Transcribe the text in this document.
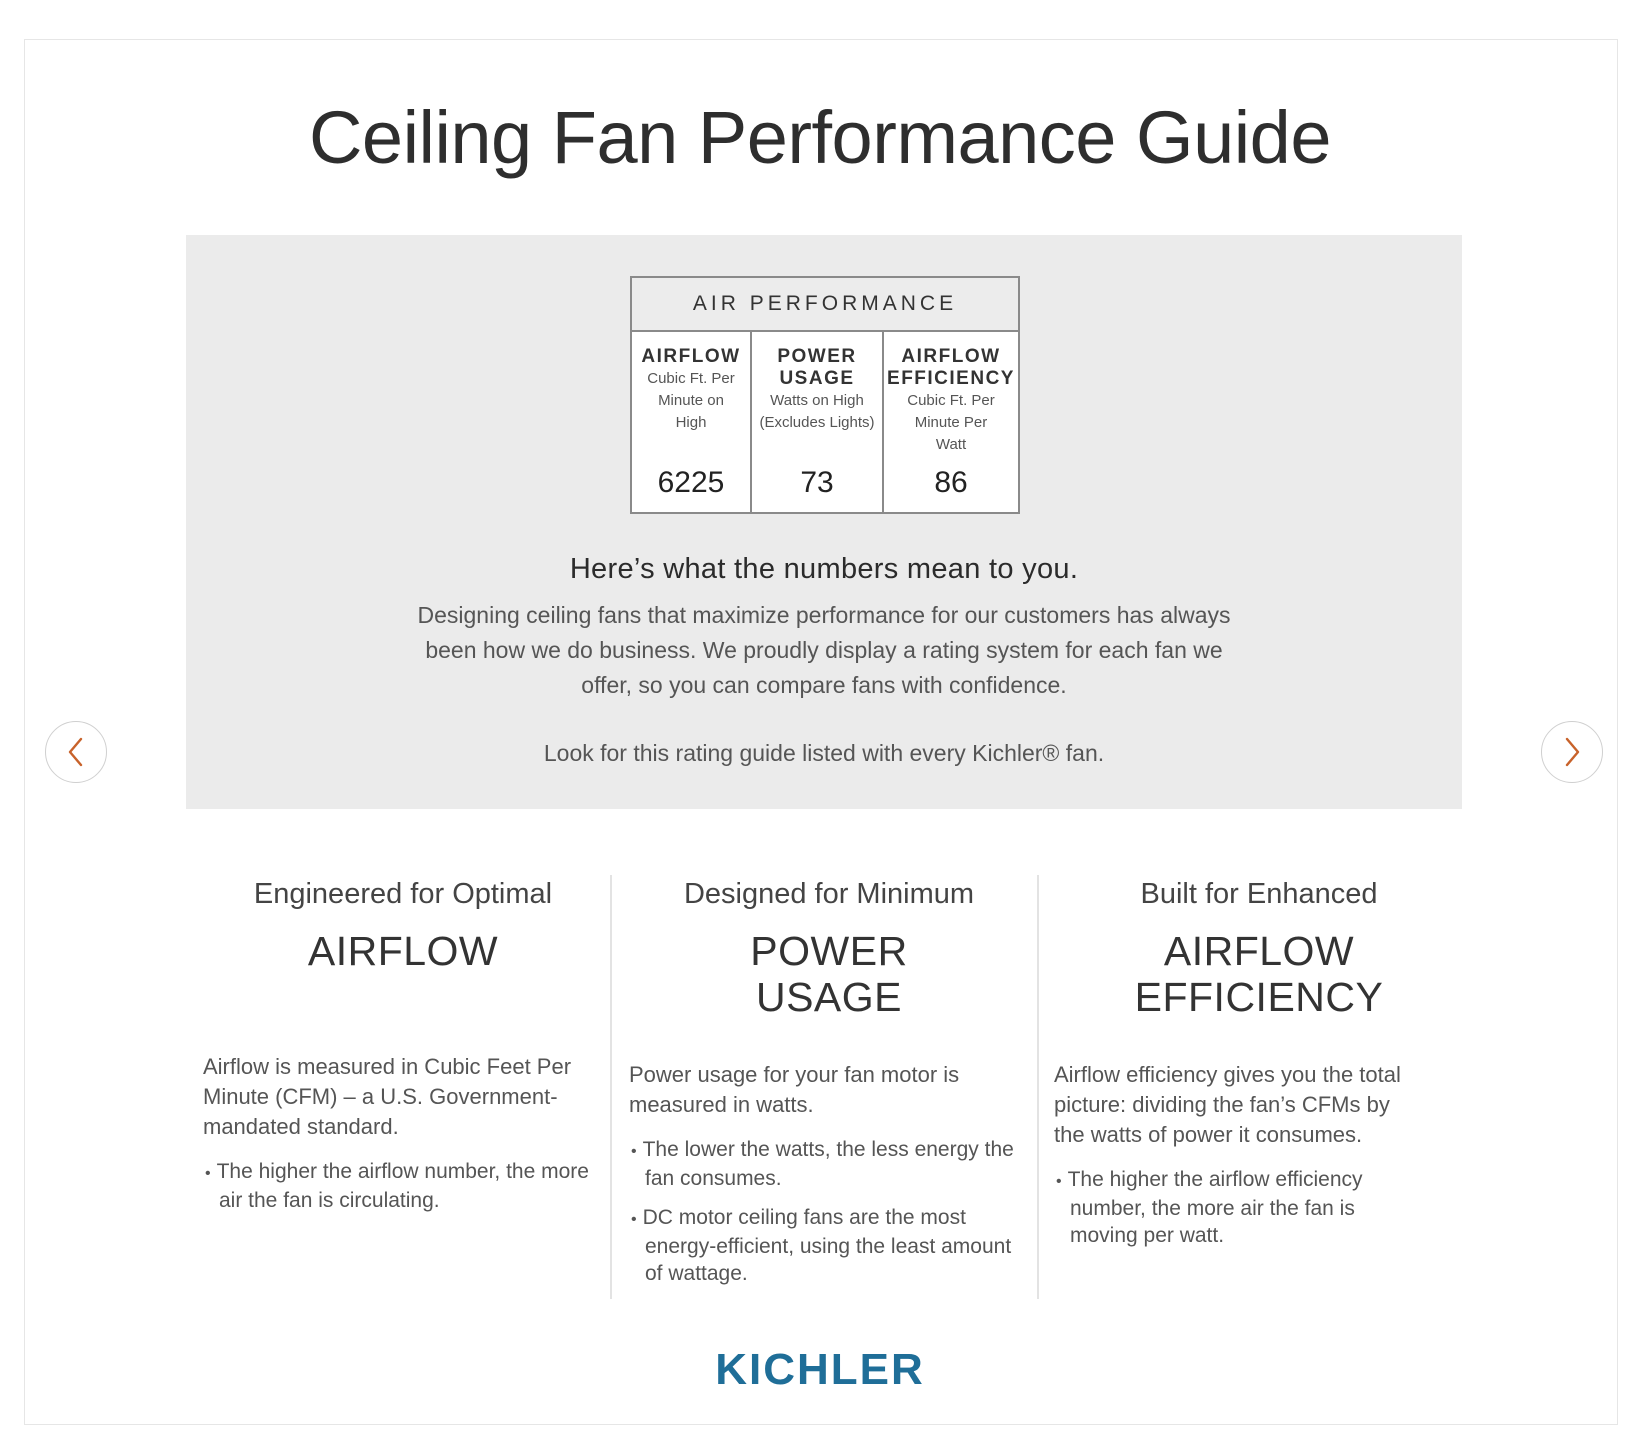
Ceiling Fan Performance Guide
AIR PERFORMANCE
AIRFLOW
Cubic Ft. Per Minute on High
6225
POWER USAGE
Watts on High (Excludes Lights)
73
AIRFLOW EFFICIENCY
Cubic Ft. Per Minute Per Watt
86
Here’s what the numbers mean to you.
Designing ceiling fans that maximize performance for our customers has always been how we do business. We proudly display a rating system for each fan we offer, so you can compare fans with confidence.
Look for this rating guide listed with every Kichler® fan.
Engineered for Optimal
AIRFLOW
Airflow is measured in Cubic Feet Per Minute (CFM) – a U.S. Government-mandated standard.
• The higher the airflow number, the more air the fan is circulating.
Designed for Minimum
POWER USAGE
Power usage for your fan motor is measured in watts.
• The lower the watts, the less energy the fan consumes.
• DC motor ceiling fans are the most energy-efficient, using the least amount of wattage.
Built for Enhanced
AIRFLOW EFFICIENCY
Airflow efficiency gives you the total picture: dividing the fan’s CFMs by the watts of power it consumes.
• The higher the airflow efficiency number, the more air the fan is moving per watt.
KICHLER
